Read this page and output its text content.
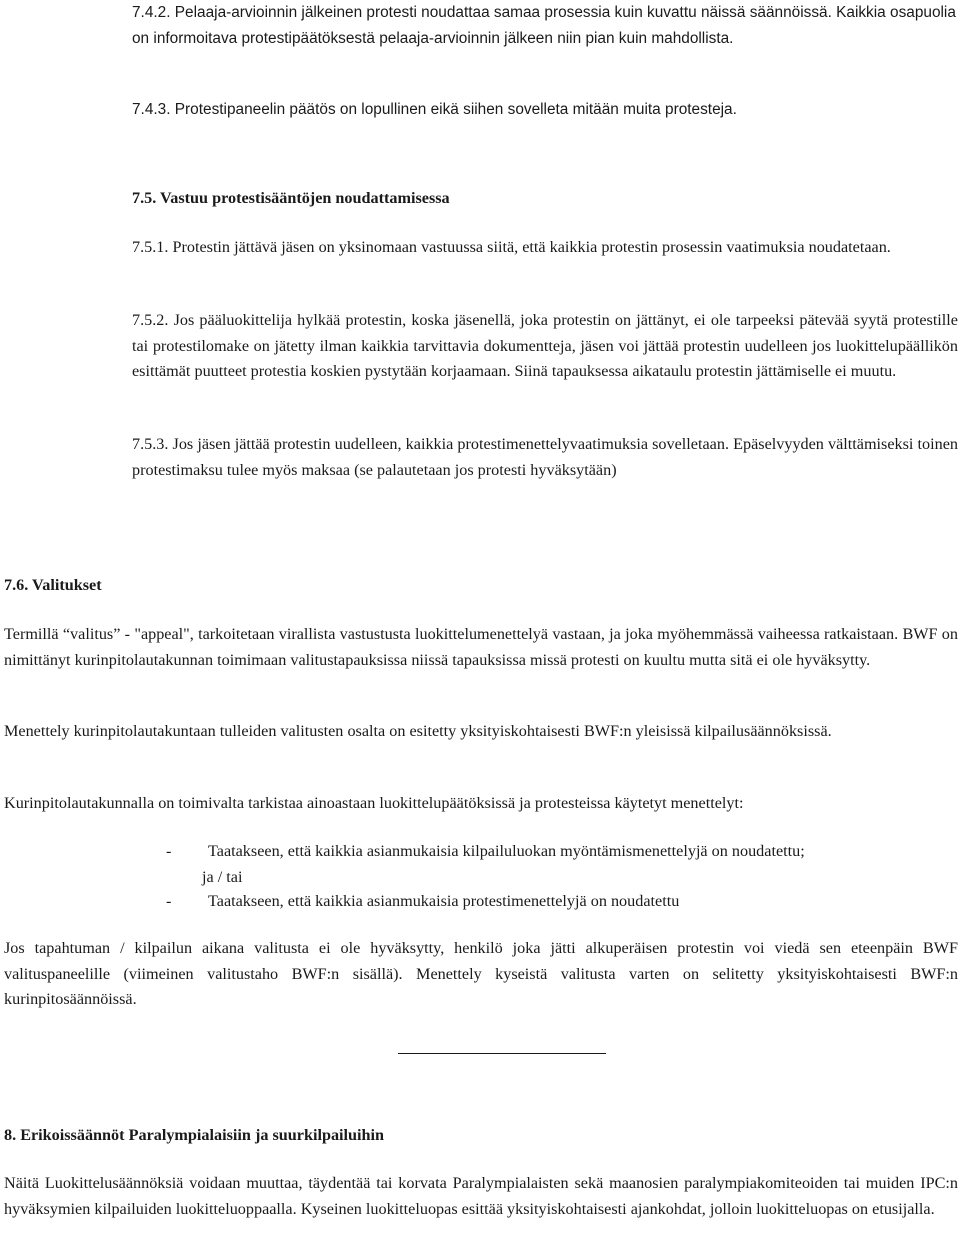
7.4.2. Pelaaja-arvioinnin jälkeinen protesti noudattaa samaa prosessia kuin kuvattu näissä säännöissä. Kaikkia osapuolia on informoitava protestipäätöksestä pelaaja-arvioinnin jälkeen niin pian kuin mahdollista.

7.4.3. Protestipaneelin päätös on lopullinen eikä siihen sovelleta mitään muita protesteja.

7.5. Vastuu protestisääntöjen noudattamisessa

7.5.1. Protestin jättävä jäsen on yksinomaan vastuussa siitä, että kaikkia protestin prosessin vaatimuksia noudatetaan.

7.5.2. Jos pääluokittelija hylkää protestin, koska jäsenellä, joka protestin on jättänyt, ei ole tarpeeksi pätevää syytä protestille tai protestilomake on jätetty ilman kaikkia tarvittavia dokumentteja, jäsen voi jättää protestin uudelleen jos luokittelupäällikön esittämät puutteet protestia koskien pystytään korjaamaan. Siinä tapauksessa aikataulu protestin jättämiselle ei muutu.

7.5.3. Jos jäsen jättää protestin uudelleen, kaikkia protestimenettelyvaatimuksia sovelletaan. Epäselvyyden välttämiseksi toinen protestimaksu tulee myös maksaa (se palautetaan jos protesti hyväksytään)

7.6. Valitukset

Termillä “valitus” - "appeal", tarkoitetaan virallista vastustusta luokittelumenettelyä vastaan, ja joka myöhemmässä vaiheessa ratkaistaan. BWF on nimittänyt kurinpitolautakunnan toimimaan valitustapauksissa niissä tapauksissa missä protesti on kuultu mutta sitä ei ole hyväksytty.

Menettely kurinpitolautakuntaan tulleiden valitusten osalta on esitetty yksityiskohtaisesti BWF:n yleisissä kilpailusäännöksissä.

Kurinpitolautakunnalla on toimivalta tarkistaa ainoastaan luokittelupäätöksissä ja protesteissa käytetyt menettelyt:

- Taatakseen, että kaikkia asianmukaisia kilpailuluokan myöntämismenettelyjä on noudatettu;
ja / tai
- Taatakseen, että kaikkia asianmukaisia protestimenettelyjä on noudatettu

Jos tapahtuman / kilpailun aikana valitusta ei ole hyväksytty, henkilö joka jätti alkuperäisen protestin voi viedä sen eteenpäin BWF valituspaneelille (viimeinen valitustaho BWF:n sisällä). Menettely kyseistä valitusta varten on selitetty yksityiskohtaisesti BWF:n kurinpitosäännöissä.

8. Erikoissäännöt Paralympialaisiin ja suurkilpailuihin

Näitä Luokittelusäännöksiä voidaan muuttaa, täydentää tai korvata Paralympialaisten sekä maanosien paralympiakomiteoiden tai muiden IPC:n hyväksymien kilpailuiden luokitteluoppaalla. Kyseinen luokitteluopas esittää yksityiskohtaisesti ajankohdat, jolloin luokitteluopas on etusijalla.
